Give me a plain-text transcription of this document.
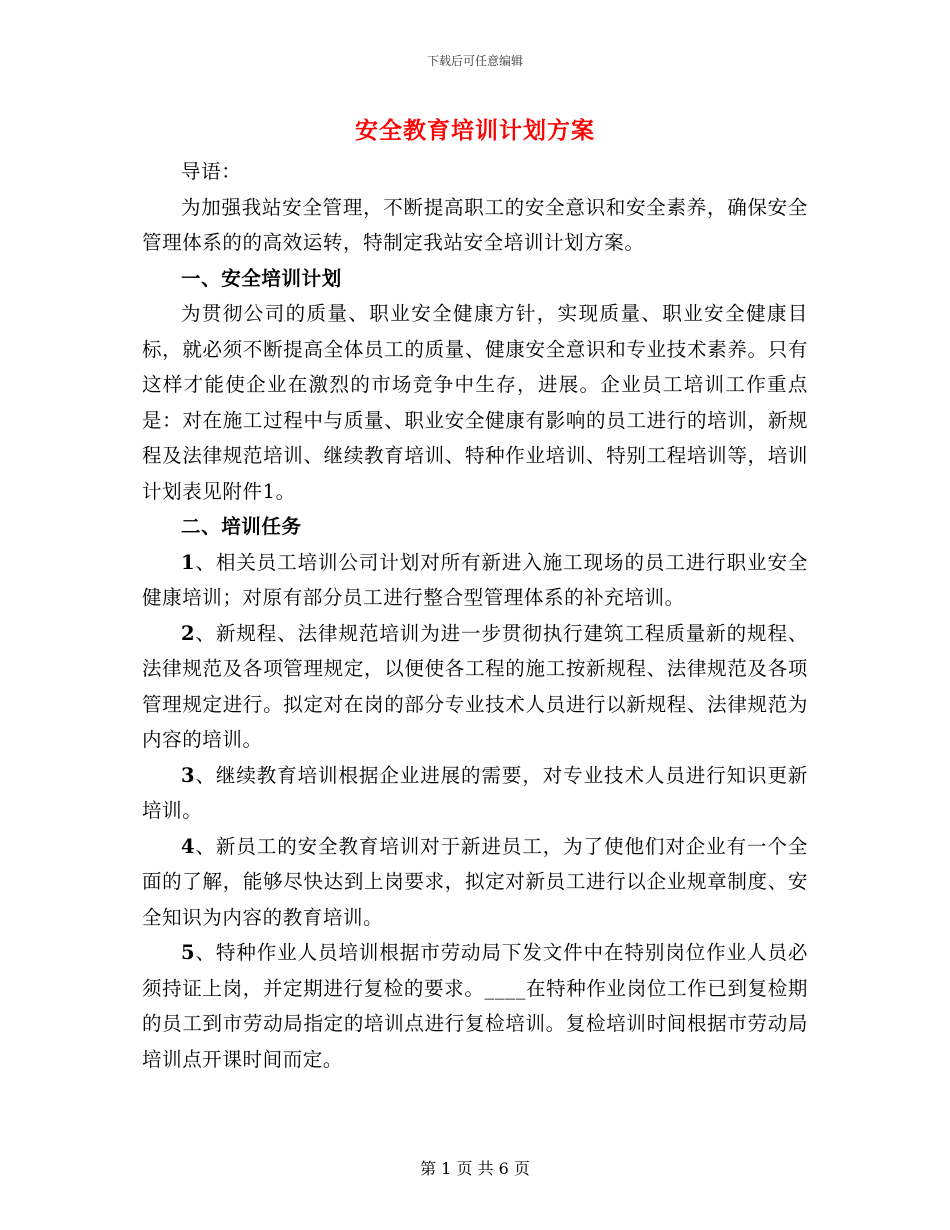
下载后可任意编辑
安全教育培训计划方案

导语：

为加强我站安全管理，不断提高职工的安全意识和安全素养，确保安全管理体系的的高效运转，特制定我站安全培训计划方案。

一、安全培训计划

为贯彻公司的质量、职业安全健康方针，实现质量、职业安全健康目标，就必须不断提高全体员工的质量、健康安全意识和专业技术素养。只有这样才能使企业在激烈的市场竞争中生存，进展。企业员工培训工作重点是：对在施工过程中与质量、职业安全健康有影响的员工进行的培训，新规程及法律规范培训、继续教育培训、特种作业培训、特别工程培训等，培训计划表见附件1。

二、培训任务

1、相关员工培训公司计划对所有新进入施工现场的员工进行职业安全健康培训；对原有部分员工进行整合型管理体系的补充培训。

2、新规程、法律规范培训为进一步贯彻执行建筑工程质量新的规程、法律规范及各项管理规定，以便使各工程的施工按新规程、法律规范及各项管理规定进行。拟定对在岗的部分专业技术人员进行以新规程、法律规范为内容的培训。

3、继续教育培训根据企业进展的需要，对专业技术人员进行知识更新培训。

4、新员工的安全教育培训对于新进员工，为了使他们对企业有一个全面的了解，能够尽快达到上岗要求，拟定对新员工进行以企业规章制度、安全知识为内容的教育培训。

5、特种作业人员培训根据市劳动局下发文件中在特别岗位作业人员必须持证上岗，并定期进行复检的要求。____在特种作业岗位工作已到复检期的员工到市劳动局指定的培训点进行复检培训。复检培训时间根据市劳动局培训点开课时间而定。

第 1 页 共 6 页
